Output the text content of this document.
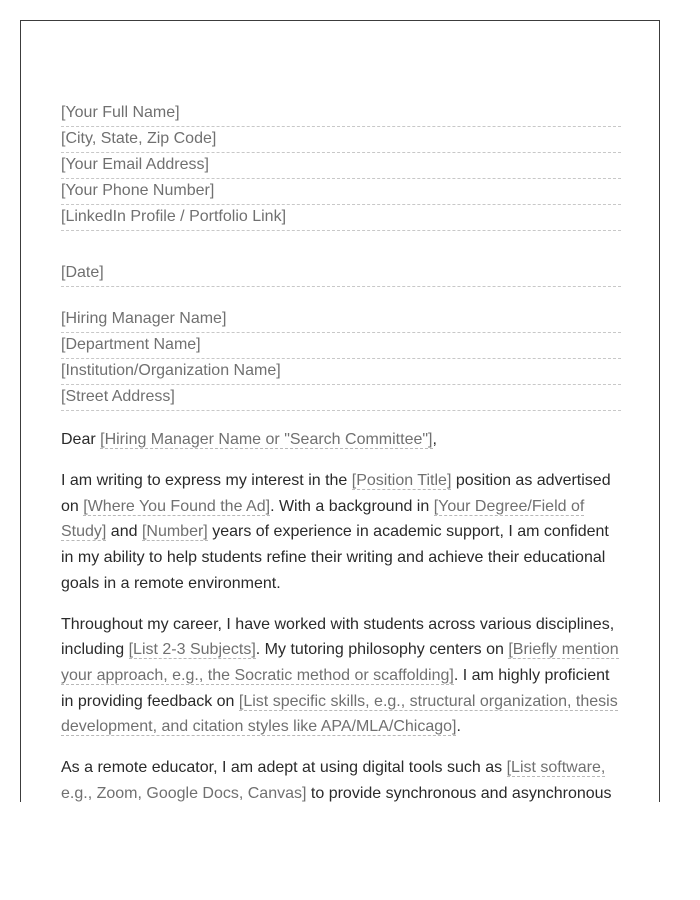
[Your Full Name]
[City, State, Zip Code]
[Your Email Address]
[Your Phone Number]
[LinkedIn Profile / Portfolio Link]
[Date]
[Hiring Manager Name]
[Department Name]
[Institution/Organization Name]
[Street Address]
Dear [Hiring Manager Name or "Search Committee"],

I am writing to express my interest in the [Position Title] position as advertised on [Where You Found the Ad]. With a background in [Your Degree/Field of Study] and [Number] years of experience in academic support, I am confident in my ability to help students refine their writing and achieve their educational goals in a remote environment.

Throughout my career, I have worked with students across various disciplines, including [List 2-3 Subjects]. My tutoring philosophy centers on [Briefly mention your approach, e.g., the Socratic method or scaffolding]. I am highly proficient in providing feedback on [List specific skills, e.g., structural organization, thesis development, and citation styles like APA/MLA/Chicago].

As a remote educator, I am adept at using digital tools such as [List software, e.g., Zoom, Google Docs, Canvas] to provide synchronous and asynchronous
